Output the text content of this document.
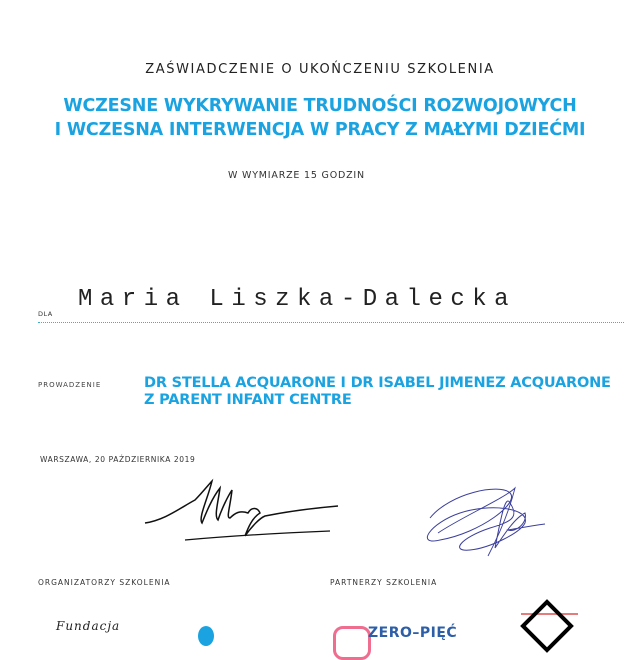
ZAŚWIADCZENIE O UKOŃCZENIU SZKOLENIA
WCZESNE WYKRYWANIE TRUDNOŚCI ROZWOJOWYCH
I WCZESNA INTERWENCJA W PRACY Z MAŁYMI DZIEĆMI
W WYMIARZE 15 GODZIN
Maria Liszka-Dalecka
DLA
PROWADZENIE	DR STELLA ACQUARONE I DR ISABEL JIMENEZ ACQUARONE
Z PARENT INFANT CENTRE
WARSZAWA, 20 PAŹDZIERNIKA 2019
ORGANIZATORZY SZKOLENIA	PARTNERZY SZKOLENIA
Fundacja	ZERO–PIĘĆ
